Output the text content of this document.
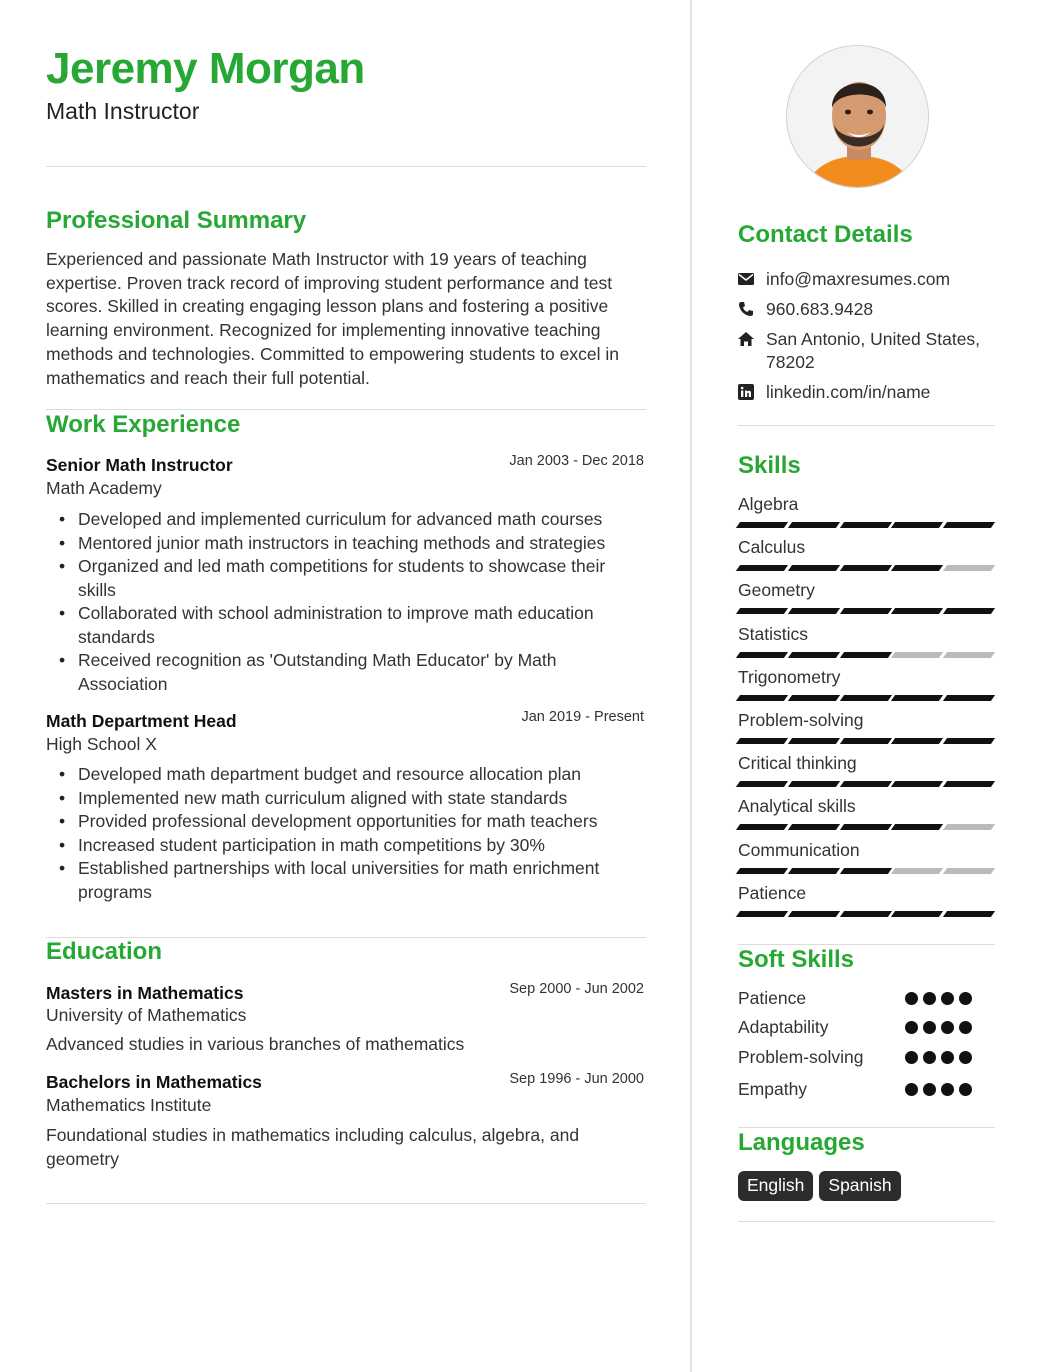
Jeremy Morgan
Math Instructor
Professional Summary
Experienced and passionate Math Instructor with 19 years of teaching expertise. Proven track record of improving student performance and test scores. Skilled in creating engaging lesson plans and fostering a positive learning environment. Recognized for implementing innovative teaching methods and technologies. Committed to empowering students to excel in mathematics and reach their full potential.
Work Experience
Senior Math Instructor	Jan 2003 - Dec 2018
Math Academy
• Developed and implemented curriculum for advanced math courses
• Mentored junior math instructors in teaching methods and strategies
• Organized and led math competitions for students to showcase their skills
• Collaborated with school administration to improve math education standards
• Received recognition as 'Outstanding Math Educator' by Math Association
Math Department Head	Jan 2019 - Present
High School X
• Developed math department budget and resource allocation plan
• Implemented new math curriculum aligned with state standards
• Provided professional development opportunities for math teachers
• Increased student participation in math competitions by 30%
• Established partnerships with local universities for math enrichment programs
Education
Masters in Mathematics	Sep 2000 - Jun 2002
University of Mathematics
Advanced studies in various branches of mathematics
Bachelors in Mathematics	Sep 1996 - Jun 2000
Mathematics Institute
Foundational studies in mathematics including calculus, algebra, and geometry
Contact Details
info@maxresumes.com
960.683.9428
San Antonio, United States, 78202
linkedin.com/in/name
Skills
Algebra
Calculus
Geometry
Statistics
Trigonometry
Problem-solving
Critical thinking
Analytical skills
Communication
Patience
Soft Skills
Patience
Adaptability
Problem-solving
Empathy
Languages
English	Spanish
